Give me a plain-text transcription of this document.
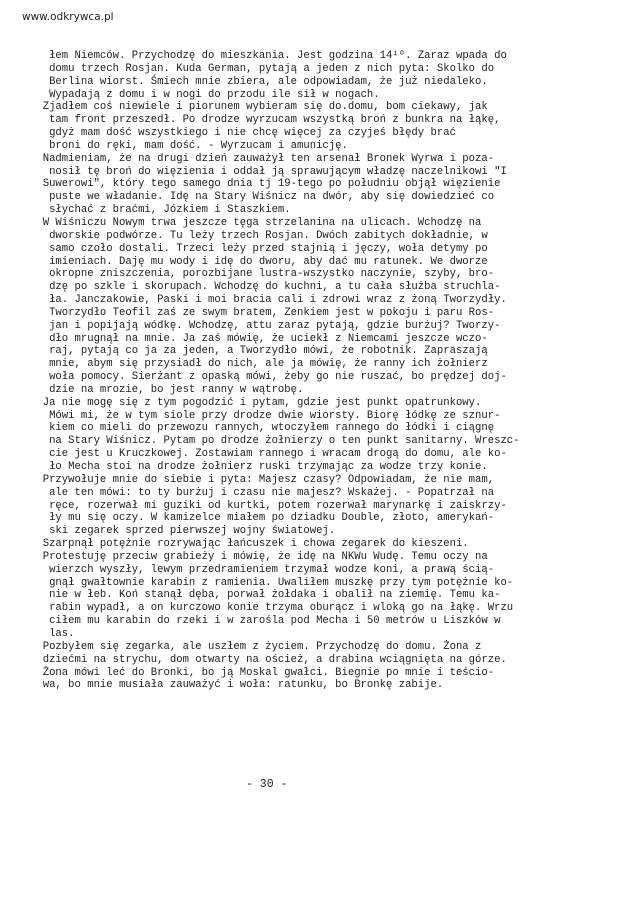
www.odkrywca.pl
łem Niemców. Przychodzę do mieszkania. Jest godzina 14¹⁰. Zaraz wpada do
domu trzech Rosjan. Kuda German, pytają a jeden z nich pyta: Skolko do
Berlina wiorst. Śmiech mnie zbiera, ale odpowiadam, że już niedaleko.
Wypadają z domu i w nogi do przodu ile sił w nogach.
Zjadłem coś niewiele i piorunem wybieram się do.domu, bom ciekawy, jak
tam front przeszedł. Po drodze wyrzucam wszystką broń z bunkra na łąkę,
gdyż mam dość wszystkiego i nie chcę więcej za czyjeś błędy brać
broni do ręki, mam dość. - Wyrzucam i amunicję.
Nadmieniam, że na drugi dzień zauważył ten arsenał Bronek Wyrwa i poza-
nosił tę broń do więzienia i oddał ją sprawującym władzę naczelnikowi "I
Suwerowi", który tego samego dnia tj 19-tego po południu objął więzienie
puste we władanie. Idę na Stary Wiśnicz na dwór, aby się dowiedzieć co
słychać z braćmi, Józkiem i Staszkiem.
W Wiśniczu Nowym trwa jeszcze tęga strzelanina na ulicach. Wchodzę na
dworskie podwórze. Tu leży trzech Rosjan. Dwóch zabitych dokładnie, w
samo czoło dostali. Trzeci leży przed stajnią i jęczy, woła detymy po
imieniach. Daję mu wody i idę do dworu, aby dać mu ratunek. We dworze
okropne zniszczenia, porozbijane lustra-wszystko naczynie, szyby, bro-
dzę po szkle i skorupach. Wchodzę do kuchni, a tu cała służba struchla-
ła. Janczakowie, Paski i moi bracia cali i zdrowi wraz z żoną Tworzydły.
Tworzydło Teofil zaś ze swym bratem, Zenkiem jest w pokoju i paru Ros-
jan i popijają wódkę. Wchodzę, attu zaraz pytają, gdzie burżuj? Tworzy-
dło mrugnął na mnie. Ja zaś mówię, że uciekł z Niemcami jeszcze wczo-
raj, pytają co ja za jeden, a Tworzydło mówi, że robotnik. Zapraszają
mnie, abym się przysiadł do nich, ale ja mówię, że ranny ich żołnierz
woła pomocy. Sierżant z opaską mówi, żeby go nie ruszać, bo prędzej doj-
dzie na mrozie, bo jest ranny w wątrobę.
Ja nie mogę się z tym pogodzić i pytam, gdzie jest punkt opatrunkowy.
Mówi mi, że w tym siole przy drodze dwie wiorsty. Biorę łódkę ze sznur-
kiem co mieli do przewozu rannych, wtoczyłem rannego do łódki i ciągnę
na Stary Wiśnicz. Pytam po drodze żołnierzy o ten punkt sanitarny. Wreszc-
cie jest u Kruczkowej. Zostawiam rannego i wracam drogą do domu, ale ko-
ło Mecha stoi na drodze żołnierz ruski trzymając za wodze trzy konie.
Przywołuje mnie do siebie i pyta: Majesz czasy? Odpowiadam, że nie mam,
ale ten mówi: to ty burżuj i czasu nie majesz? Wskażej. - Popatrzał na
ręce, rozerwał mi guziki od kurtki, potem rozerwał marynarkę i zaiskrzy-
ły mu się oczy. W kamizelce miałem po dziadku Double, złoto, amerykań-
ski zegarek sprzed pierwszej wojny światowej.
Szarpnął potężnie rozrywając łańcuszek i chowa zegarek do kieszeni.
Protestuję przeciw grabieży i mówię, że idę na NKWu Wudę. Temu oczy na
wierzch wyszły, lewym przedramieniem trzymał wodze koni, a prawą ścią-
gnął gwałtownie karabin z ramienia. Uwaliłem muszkę przy tym potężnie ko-
nie w łeb. Koń stanął dęba, porwał żołdaka i obalił na ziemię. Temu ka-
rabin wypadł, a on kurczowo konie trzyma oburącz i wloką go na łąkę. Wrzu
ciłem mu karabin do rzeki i w zarośla pod Mecha i 50 metrów u Liszków w
las.
Pozbyłem się zegarka, ale uszłem z życiem. Przychodzę do domu. Żona z
dziećmi na strychu, dom otwarty na oścież, a drabina wciągnięta na górze.
Żona mówi leć do Bronki, bo ją Moskal gwałci. Biegnie po mnie i teścio-
wa, bo mnie musiała zauważyć i woła: ratunku, bo Bronkę zabije.
- 30 -
